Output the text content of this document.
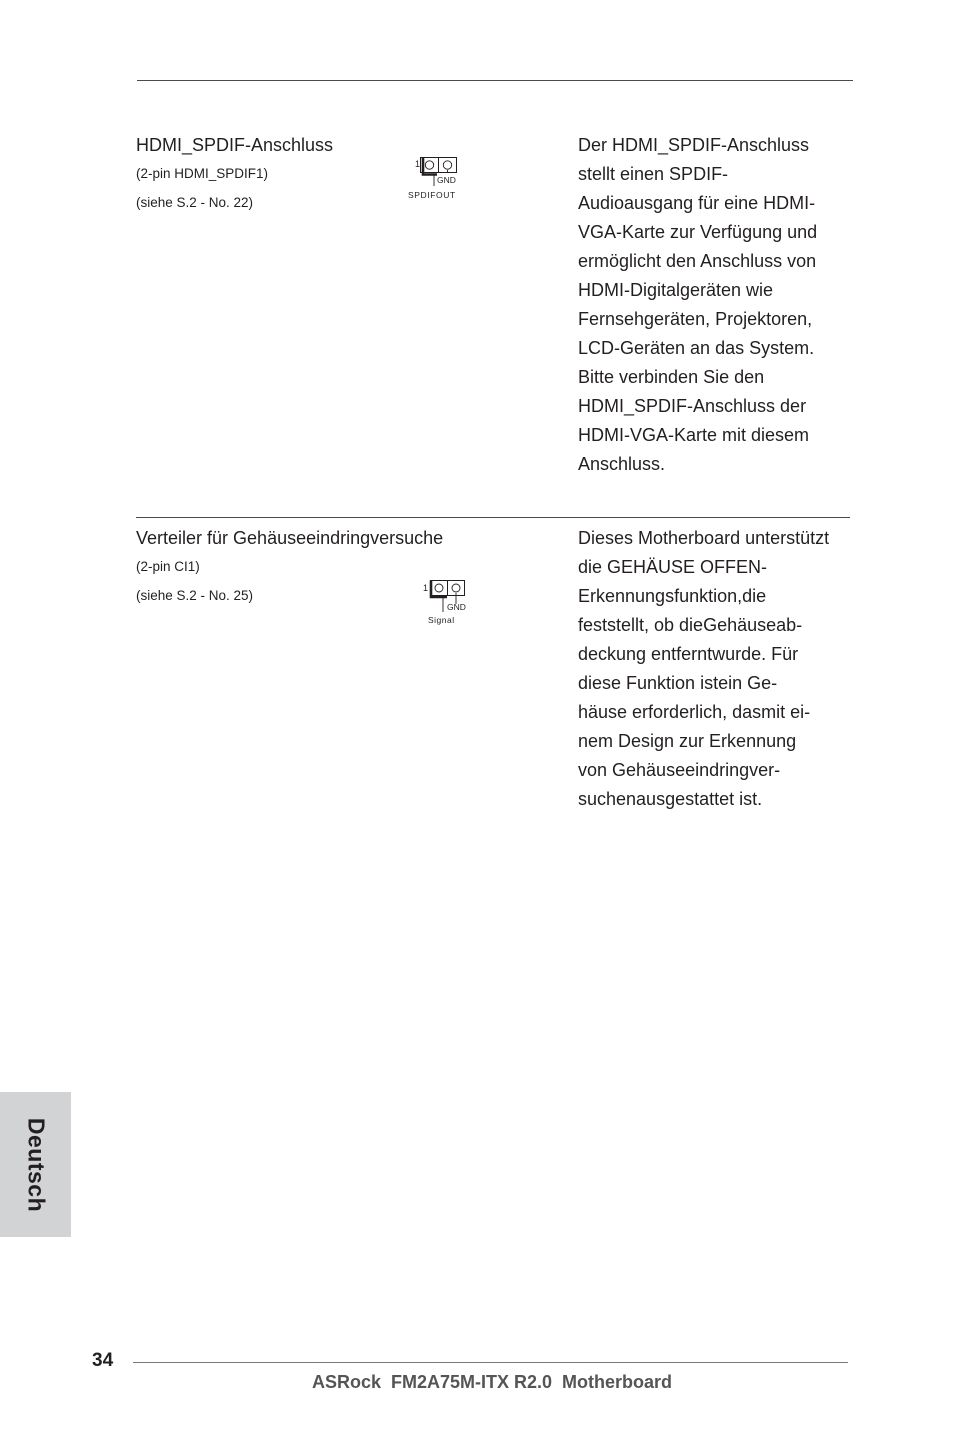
HDMI_SPDIF-Anschluss
(2-pin HDMI_SPDIF1)
(siehe S.2 - No. 22)
1
GND
SPDIFOUT
Der HDMI_SPDIF-Anschluss
stellt einen SPDIF-
Audioausgang für eine HDMI-
VGA-Karte zur Verfügung und
ermöglicht den Anschluss von
HDMI-Digitalgeräten wie
Fernsehgeräten, Projektoren,
LCD-Geräten an das System.
Bitte verbinden Sie den
HDMI_SPDIF-Anschluss der
HDMI-VGA-Karte mit diesem
Anschluss.
Verteiler für Gehäuseeindringversuche
(2-pin CI1)
(siehe S.2 - No. 25)	1
GND
Signal
Dieses Motherboard unterstützt
die GEHÄUSE OFFEN-
Erkennungsfunktion,die
feststellt, ob dieGehäuseab-
deckung entferntwurde. Für
diese Funktion istein Ge-
häuse erforderlich, dasmit ei-
nem Design zur Erkennung
von Gehäuseeindringver-
suchenausgestattet ist.
Deutsch
34
ASRock  FM2A75M-ITX R2.0  Motherboard
